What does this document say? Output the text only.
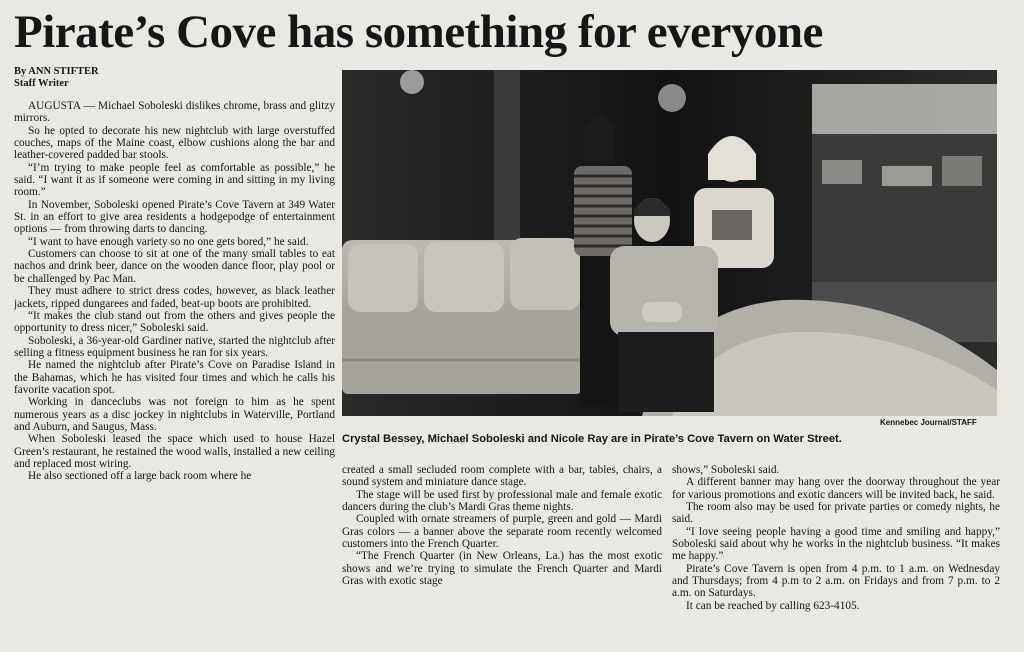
Pirate’s Cove has something for everyone
By ANN STIFTER
Staff Writer

AUGUSTA — Michael Soboleski dislikes chrome, brass and glitzy mirrors.

So he opted to decorate his new nightclub with large overstuffed couches, maps of the Maine coast, elbow cushions along the bar and leather-covered padded bar stools.

“I’m trying to make people feel as comfortable as possible,” he said. “I want it as if someone were coming in and sitting in my living room.”

In November, Soboleski opened Pirate’s Cove Tavern at 349 Water St. in an effort to give area residents a hodgepodge of entertainment options — from throwing darts to dancing.

“I want to have enough variety so no one gets bored,” he said.

Customers can choose to sit at one of the many small tables to eat nachos and drink beer, dance on the wooden dance floor, play pool or be challenged by Pac Man.

They must adhere to strict dress codes, however, as black leather jackets, ripped dungarees and faded, beat-up boots are prohibited.

“It makes the club stand out from the others and gives people the opportunity to dress nicer,” Soboleski said.

Soboleski, a 36-year-old Gardiner native, started the nightclub after selling a fitness equipment business he ran for six years.

He named the nightclub after Pirate’s Cove on Paradise Island in the Bahamas, which he has visited four times and which he calls his favorite vacation spot.

Working in danceclubs was not foreign to him as he spent numerous years as a disc jockey in nightclubs in Waterville, Portland and Auburn, and Saugus, Mass.

When Soboleski leased the space which used to house Hazel Green’s restaurant, he restained the wood walls, installed a new ceiling and replaced most wiring.

He also sectioned off a large back room where he

Kennebec Journal/STAFF
Crystal Bessey, Michael Soboleski and Nicole Ray are in Pirate’s Cove Tavern on Water Street.

created a small secluded room complete with a bar, tables, chairs, a sound system and miniature dance stage.

The stage will be used first by professional male and female exotic dancers during the club’s Mardi Gras theme nights.

Coupled with ornate streamers of purple, green and gold — Mardi Gras colors — a banner above the separate room recently welcomed customers into the French Quarter.

“The French Quarter (in New Orleans, La.) has the most exotic shows and we’re trying to simulate the French Quarter and Mardi Gras with exotic stage

shows,” Soboleski said.

A different banner may hang over the doorway throughout the year for various promotions and exotic dancers will be invited back, he said.

The room also may be used for private parties or comedy nights, he said.

“I love seeing people having a good time and smiling and happy,” Soboleski said about why he works in the nightclub business. “It makes me happy.”

Pirate’s Cove Tavern is open from 4 p.m. to 1 a.m. on Wednesday and Thursdays; from 4 p.m to 2 a.m. on Fridays and from 7 p.m. to 2 a.m. on Saturdays.

It can be reached by calling 623-4105.
